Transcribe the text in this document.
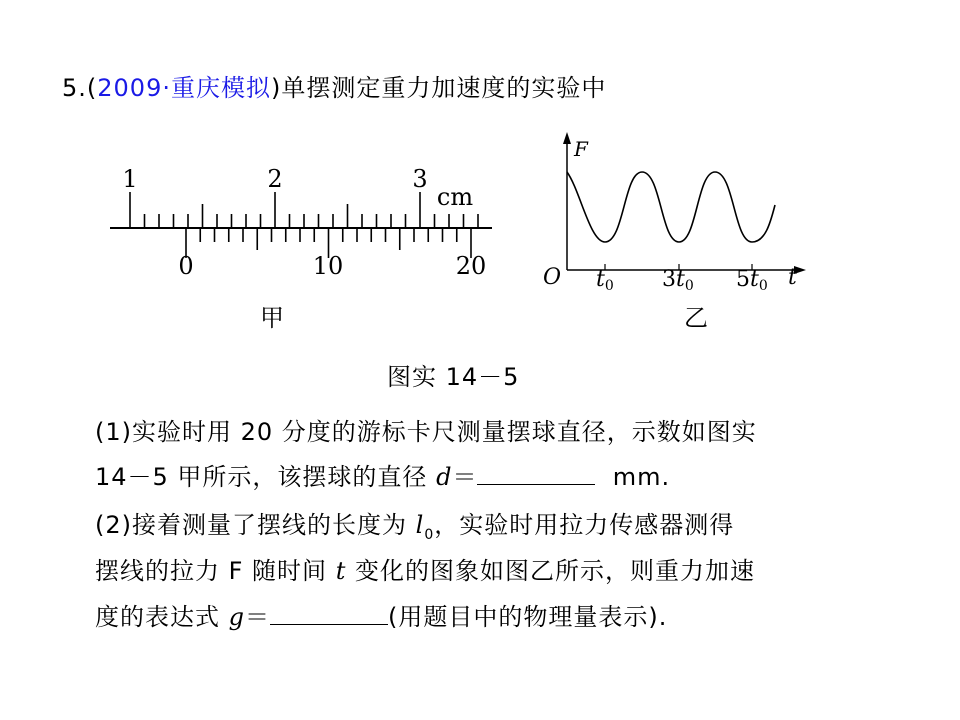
5.(2009·重庆模拟)单摆测定重力加速度的实验中
1	2	3
cm
0	10	20
甲
F
O	t
t0 3t0 5t0
乙
图实 14－5
(1)实验时用 20 分度的游标卡尺测量摆球直径，示数如图实
14－5 甲所示，该摆球的直径 d＝	mm.
(2)接着测量了摆线的长度为 $l_0$，实验时用拉力传感器测得
摆线的拉力 F 随时间 t 变化的图象如图乙所示，则重力加速
度的表达式 g＝	(用题目中的物理量表示).
